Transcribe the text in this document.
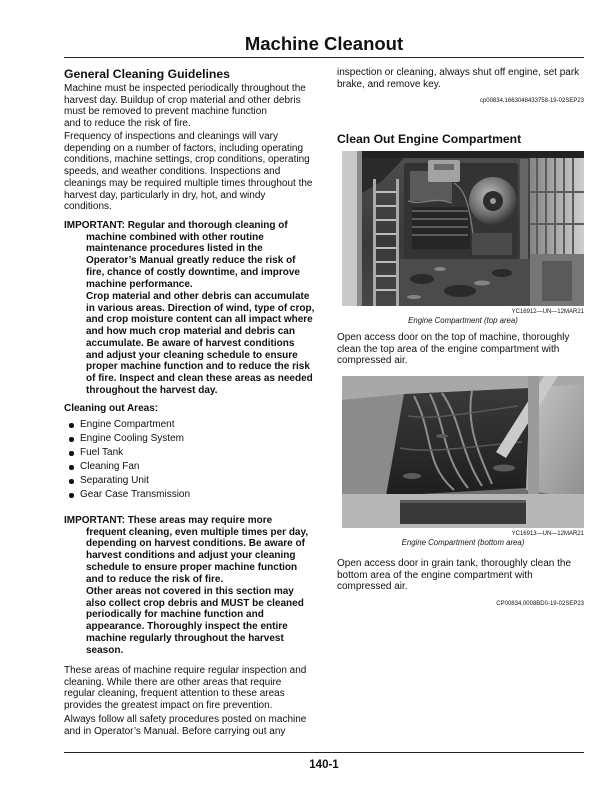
Machine Cleanout
General Cleaning Guidelines
Machine must be inspected periodically throughout the
harvest day. Buildup of crop material and other debris
must be removed to prevent machine function
and to reduce the risk of fire.
Frequency of inspections and cleanings will vary
depending on a number of factors, including operating
conditions, machine settings, crop conditions, operating
speeds, and weather conditions. Inspections and
cleanings may be required multiple times throughout the
harvest day, particularly in dry, hot, and windy
conditions.
IMPORTANT: Regular and thorough cleaning of
machine combined with other routine
maintenance procedures listed in the
Operator’s Manual greatly reduce the risk of
fire, chance of costly downtime, and improve
machine performance.
Crop material and other debris can accumulate
in various areas. Direction of wind, type of crop,
and crop moisture content can all impact where
and how much crop material and debris can
accumulate. Be aware of harvest conditions
and adjust your cleaning schedule to ensure
proper machine function and to reduce the risk
of fire. Inspect and clean these areas as needed
throughout the harvest day.
Cleaning out Areas:
Engine Compartment
Engine Cooling System
Fuel Tank
Cleaning Fan
Separating Unit
Gear Case Transmission
IMPORTANT: These areas may require more
frequent cleaning, even multiple times per day,
depending on harvest conditions. Be aware of
harvest conditions and adjust your cleaning
schedule to ensure proper machine function
and to reduce the risk of fire.
Other areas not covered in this section may
also collect crop debris and MUST be cleaned
periodically for machine function and
appearance. Thoroughly inspect the entire
machine regularly throughout the harvest
season.
These areas of machine require regular inspection and
cleaning. While there are other areas that require
regular cleaning, frequent attention to these areas
provides the greatest impact on fire prevention.
Always follow all safety procedures posted on machine
and in Operator’s Manual. Before carrying out any
inspection or cleaning, always shut off engine, set park
brake, and remove key.
cp00834,1663048433758-19-02SEP23
Clean Out Engine Compartment
YC16912—UN—12MAR21
Engine Compartment (top area)
Open access door on the top of machine, thoroughly
clean the top area of the engine compartment with
compressed air.
YC16913—UN—12MAR21
Engine Compartment (bottom area)
Open access door in grain tank, thoroughly clean the
bottom area of the engine compartment with
compressed air.
CP00834,0008BD0-19-02SEP23
140-1
